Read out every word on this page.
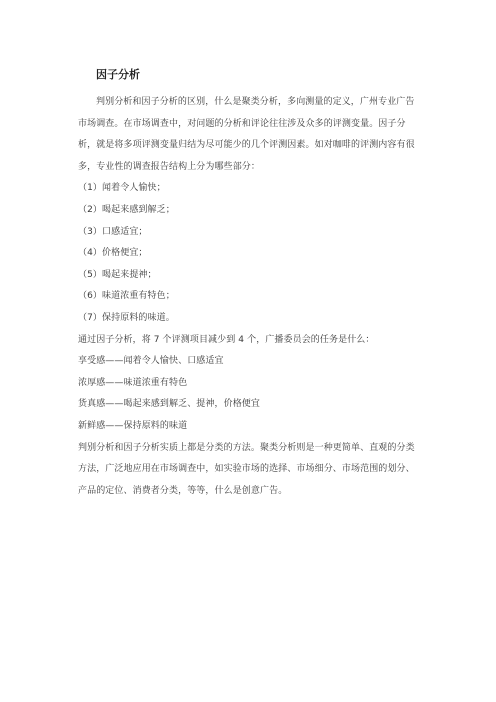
因子分析

判别分析和因子分析的区别，什么是聚类分析，多向测量的定义，广州专业广告市场调查。在市场调查中，对问题的分析和评论往往涉及众多的评测变量。因子分析，就是将多项评测变量归结为尽可能少的几个评测因素。如对咖啡的评测内容有很多，专业性的调查报告结构上分为哪些部分：

（1）闻着令人愉快；

（2）喝起来感到解乏；

（3）口感适宜；

（4）价格便宜；

（5）喝起来提神；

（6）味道浓重有特色；

（7）保持原料的味道。

通过因子分析，将 7 个评测项目减少到 4 个，广播委员会的任务是什么：

享受感——闻着令人愉快、口感适宜

浓厚感——味道浓重有特色

货真感——喝起来感到解乏、提神，价格便宜

新鲜感——保持原料的味道

判别分析和因子分析实质上都是分类的方法。聚类分析则是一种更简单、直观的分类方法，广泛地应用在市场调查中，如实验市场的选择、市场细分、市场范围的划分、产品的定位、消费者分类，等等，什么是创意广告。
